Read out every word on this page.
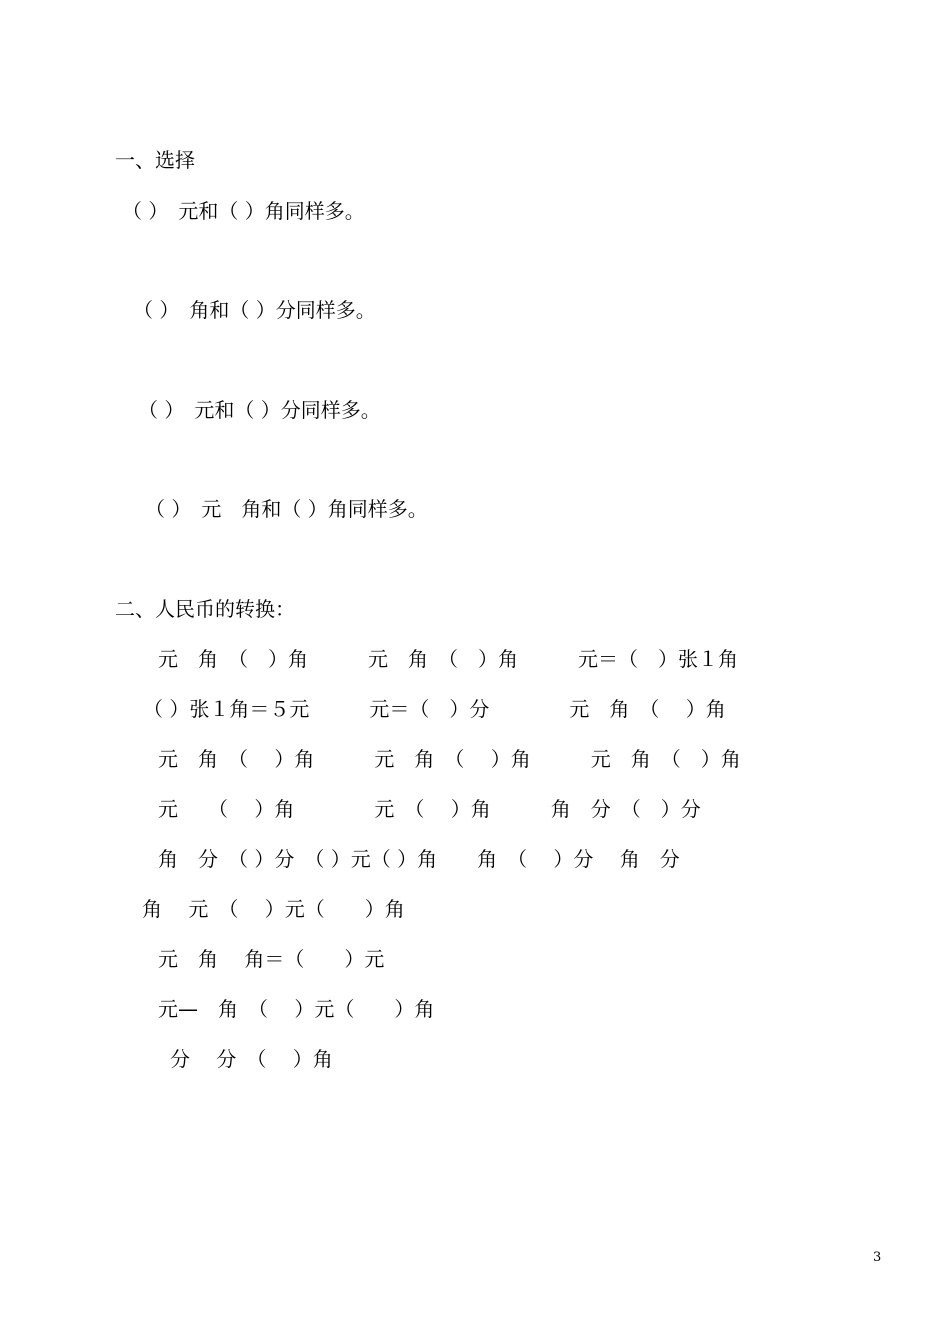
一、选择
（ ）　元和（ ）角同样多。
（ ）　角和（ ）分同样多。
（ ）　元和（ ）分同样多。
（ ）　元　角和（ ）角同样多。
二、人民币的转换：
元　角　（　）角　　　元　角　（　）角　　　元＝（　）张１角
（ ）张１角＝５元　　　元＝（　）分　　　　元　角　（　 ）角
元　角　（　 ）角　　　元　角　（　 ）角　　　元　角　（　）角
元　　（　 ）角　　　　元　（　 ）角　　　角　分　（　）分
角　分　（ ）分　（ ）元（ ）角　　角　（　 ）分　 角　分
角　 元　（　 ）元（　　）角
元　角　 角＝（　　）元
元—　角　（　 ）元（　　）角
分　 分　（　 ）角
3
